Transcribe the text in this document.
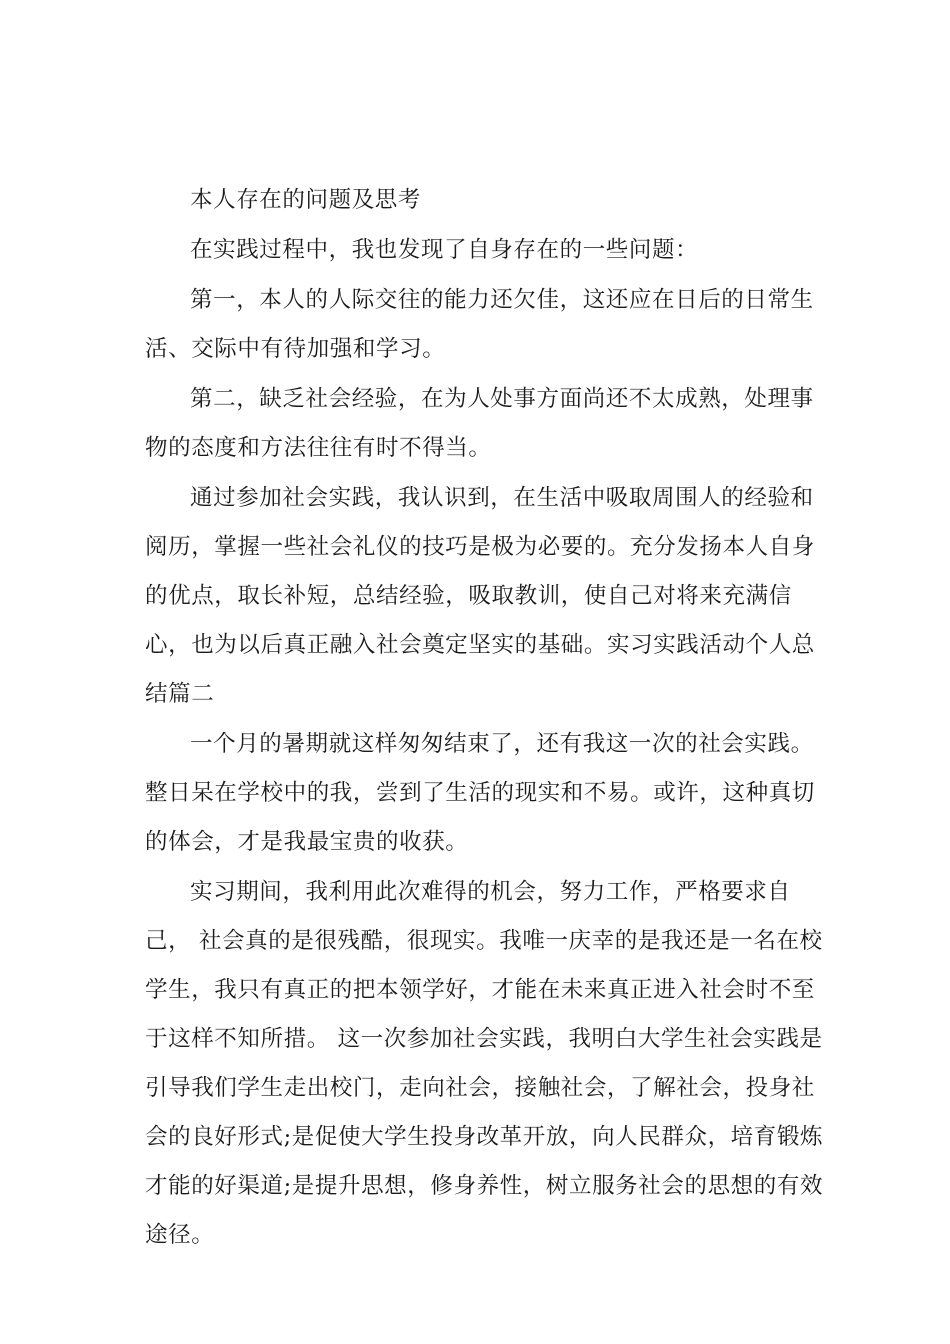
本人存在的问题及思考

在实践过程中，我也发现了自身存在的一些问题：

第一，本人的人际交往的能力还欠佳，这还应在日后的日常生活、交际中有待加强和学习。

第二，缺乏社会经验，在为人处事方面尚还不太成熟，处理事物的态度和方法往往有时不得当。

通过参加社会实践，我认识到，在生活中吸取周围人的经验和阅历，掌握一些社会礼仪的技巧是极为必要的。充分发扬本人自身的优点，取长补短，总结经验，吸取教训，使自己对将来充满信心，也为以后真正融入社会奠定坚实的基础。实习实践活动个人总结篇二

一个月的暑期就这样匆匆结束了，还有我这一次的社会实践。整日呆在学校中的我，尝到了生活的现实和不易。或许，这种真切的体会，才是我最宝贵的收获。

实习期间，我利用此次难得的机会，努力工作，严格要求自己， 社会真的是很残酷，很现实。我唯一庆幸的是我还是一名在校学生，我只有真正的把本领学好，才能在未来真正进入社会时不至于这样不知所措。 这一次参加社会实践，我明白大学生社会实践是引导我们学生走出校门，走向社会，接触社会，了解社会，投身社会的良好形式;是促使大学生投身改革开放，向人民群众，培育锻炼才能的好渠道;是提升思想，修身养性，树立服务社会的思想的有效途径。
